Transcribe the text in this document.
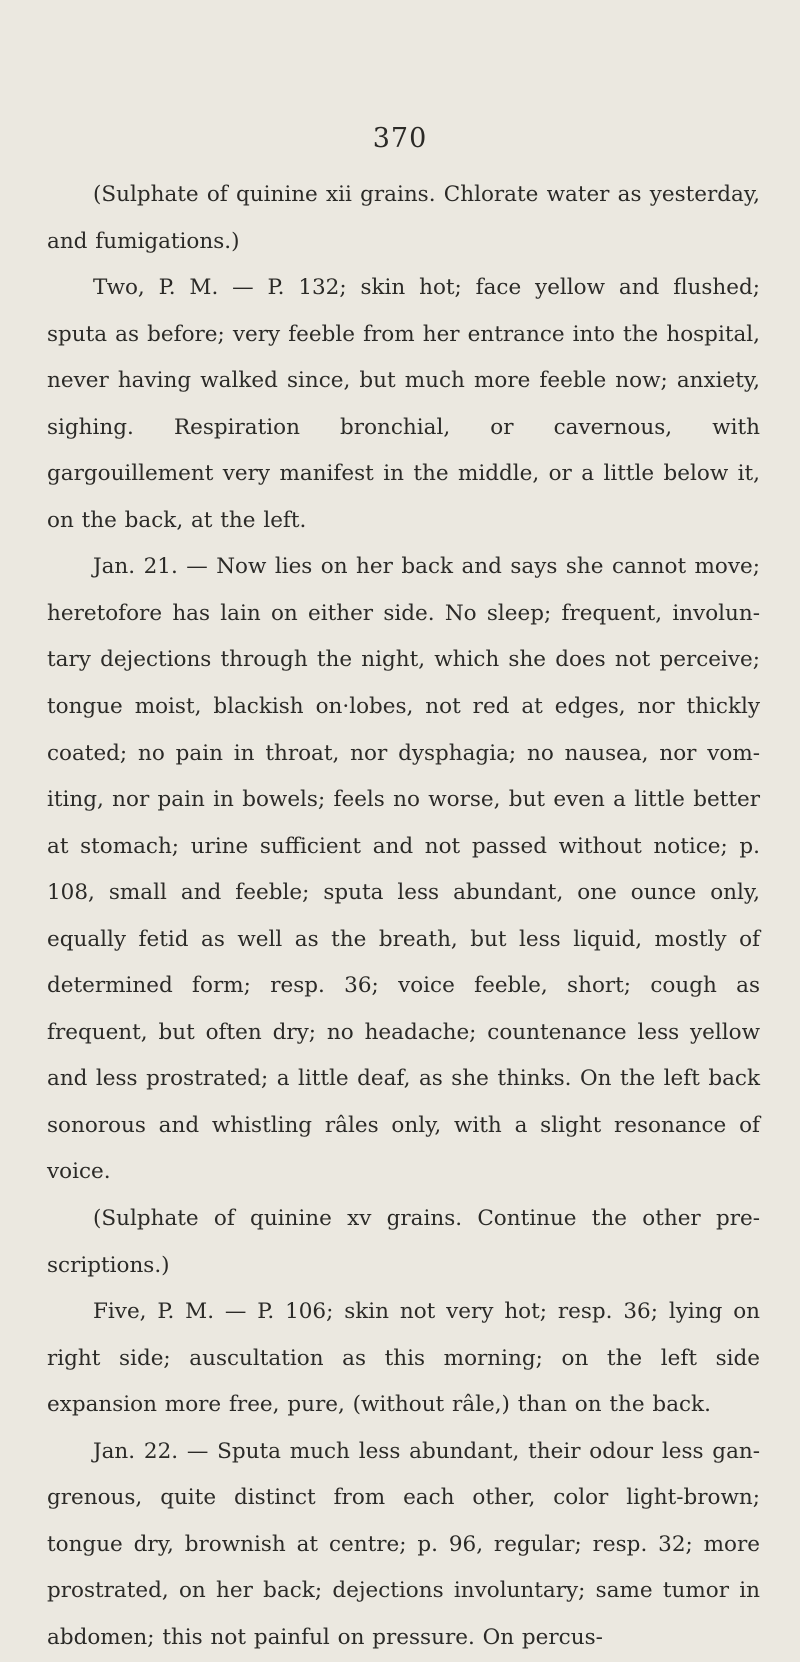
370

(Sulphate of quinine xii grains. Chlorate water as yesterday, and fumigations.)

Two, P. M. — P. 132; skin hot; face yellow and flushed; sputa as before; very feeble from her entrance into the hospital, never having walked since, but much more feeble now; anxiety, sighing. Respiration bronchial, or cavernous, with gargouillement very manifest in the middle, or a little below it, on the back, at the left.

Jan. 21. — Now lies on her back and says she cannot move; heretofore has lain on either side. No sleep; frequent, involuntary dejections through the night, which she does not perceive; tongue moist, blackish on·lobes, not red at edges, nor thickly coated; no pain in throat, nor dysphagia; no nausea, nor vomiting, nor pain in bowels; feels no worse, but even a little better at stomach; urine sufficient and not passed without notice; p. 108, small and feeble; sputa less abundant, one ounce only, equally fetid as well as the breath, but less liquid, mostly of determined form; resp. 36; voice feeble, short; cough as frequent, but often dry; no headache; countenance less yellow and less prostrated; a little deaf, as she thinks. On the left back sonorous and whistling râles only, with a slight resonance of voice.

(Sulphate of quinine xv grains. Continue the other prescriptions.)

Five, P. M. — P. 106; skin not very hot; resp. 36; lying on right side; auscultation as this morning; on the left side expansion more free, pure, (without râle,) than on the back.

Jan. 22. — Sputa much less abundant, their odour less gangrenous, quite distinct from each other, color light-brown; tongue dry, brownish at centre; p. 96, regular; resp. 32; more prostrated, on her back; dejections involuntary; same tumor in abdomen; this not painful on pressure. On percus-
